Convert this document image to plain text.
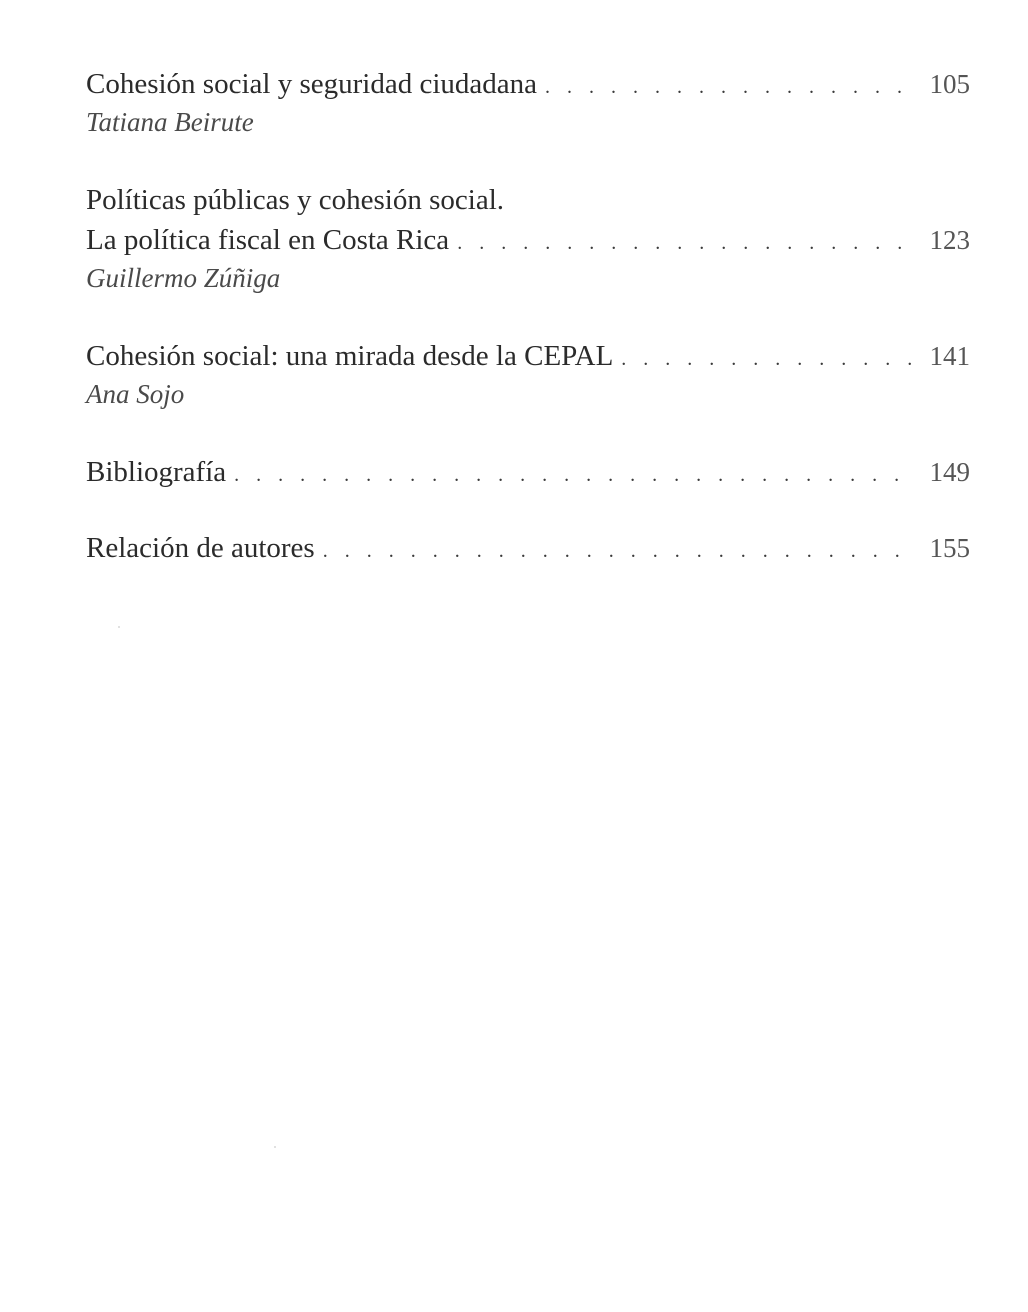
Cohesión social y seguridad ciudadana . . .	105
Tatiana Beirute
Políticas públicas y cohesión social.
La política fiscal en Costa Rica . . .	123
Guillermo Zúñiga
Cohesión social: una mirada desde la CEPAL . . .	141
Ana Sojo
Bibliografía . . .	149
Relación de autores . . .	155
